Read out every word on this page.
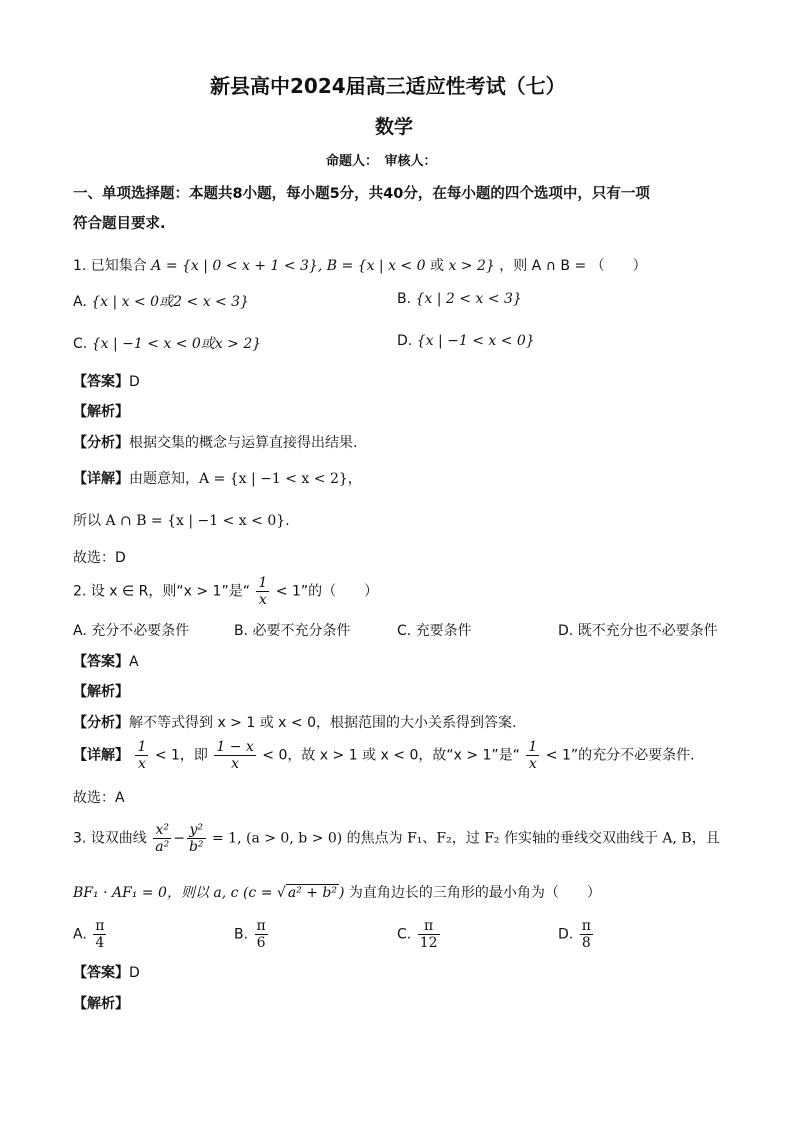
新县高中2024届高三适应性考试（七）
数学
命题人：　审核人：
一、单项选择题：本题共8小题，每小题5分，共40分，在每小题的四个选项中，只有一项
符合题目要求.
1. 已知集合 A = {x | 0 < x + 1 < 3}, B = {x | x < 0 或 x > 2} ，则 A ∩ B = （　　）
A. {x | x < 0或2 < x < 3}	B. {x | 2 < x < 3}
C. {x | −1 < x < 0或x > 2}	D. {x | −1 < x < 0}
【答案】D
【解析】
【分析】根据交集的概念与运算直接得出结果.
【详解】由题意知，A = {x | −1 < x < 2}，
所以 A ∩ B = {x | −1 < x < 0}.
故选：D
2. 设 x ∈ R，则“x > 1”是“ $\frac{1}{x} < 1$”的（　　）
A. 充分不必要条件	B. 必要不充分条件	C. 充要条件	D. 既不充分也不必要条件
【答案】A
【解析】
【分析】解不等式得到 x > 1 或 x < 0，根据范围的大小关系得到答案.
【详解】 $\frac{1}{x} < 1$，即 $\frac{1 - x}{x} < 0$，故 x > 1 或 x < 0，故“x > 1”是“ $\frac{1}{x} < 1$”的充分不必要条件.
故选：A
3. 设双曲线 $\frac{\text{x²}}{\text{a²}} - \frac{\text{y²}}{\text{b²}} = 1$, (a > 0, b > 0) 的焦点为 F₁、F₂，过 F₂ 作实轴的垂线交双曲线于 A, B，且
BF₁ · AF₁ = 0，则以 a, c (c = √ a² + b² ) 为直角边长的三角形的最小角为（　　）
A. $\frac{\pi}{4}$	B. $\frac{\pi}{6}$	C. $\frac{\pi}{12}$	D. $\frac{\pi}{8}$
【答案】D
【解析】
